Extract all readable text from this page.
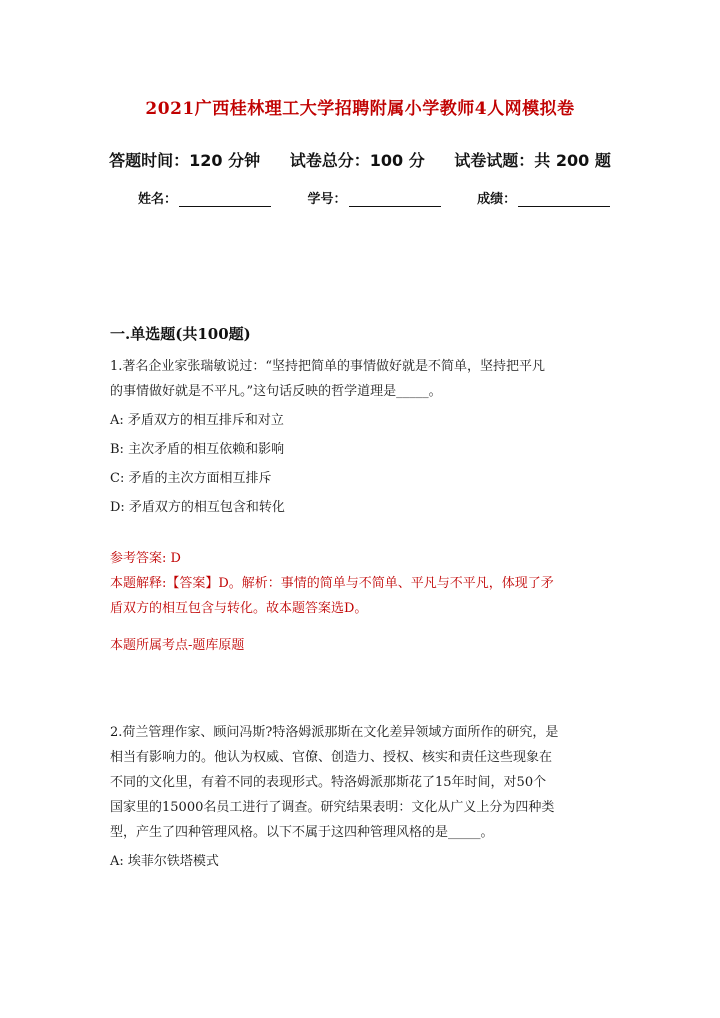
2021广西桂林理工大学招聘附属小学教师4人网模拟卷
答题时间：120 分钟 试卷总分：100 分 试卷试题：共 200 题
姓名：	学号：	成绩：
一.单选题(共100题)
1.著名企业家张瑞敏说过：“坚持把简单的事情做好就是不简单，坚持把平凡
的事情做好就是不平凡。”这句话反映的哲学道理是_____。
A: 矛盾双方的相互排斥和对立
B: 主次矛盾的相互依赖和影响
C: 矛盾的主次方面相互排斥
D: 矛盾双方的相互包含和转化
参考答案: D
本题解释:【答案】D。解析：事情的简单与不简单、平凡与不平凡，体现了矛
盾双方的相互包含与转化。故本题答案选D。
本题所属考点-题库原题
2.荷兰管理作家、顾问冯斯?特洛姆派那斯在文化差异领域方面所作的研究，是
相当有影响力的。他认为权威、官僚、创造力、授权、核实和责任这些现象在
不同的文化里，有着不同的表现形式。特洛姆派那斯花了15年时间，对50个
国家里的15000名员工进行了调查。研究结果表明：文化从广义上分为四种类
型，产生了四种管理风格。以下不属于这四种管理风格的是_____。
A: 埃菲尔铁塔模式
